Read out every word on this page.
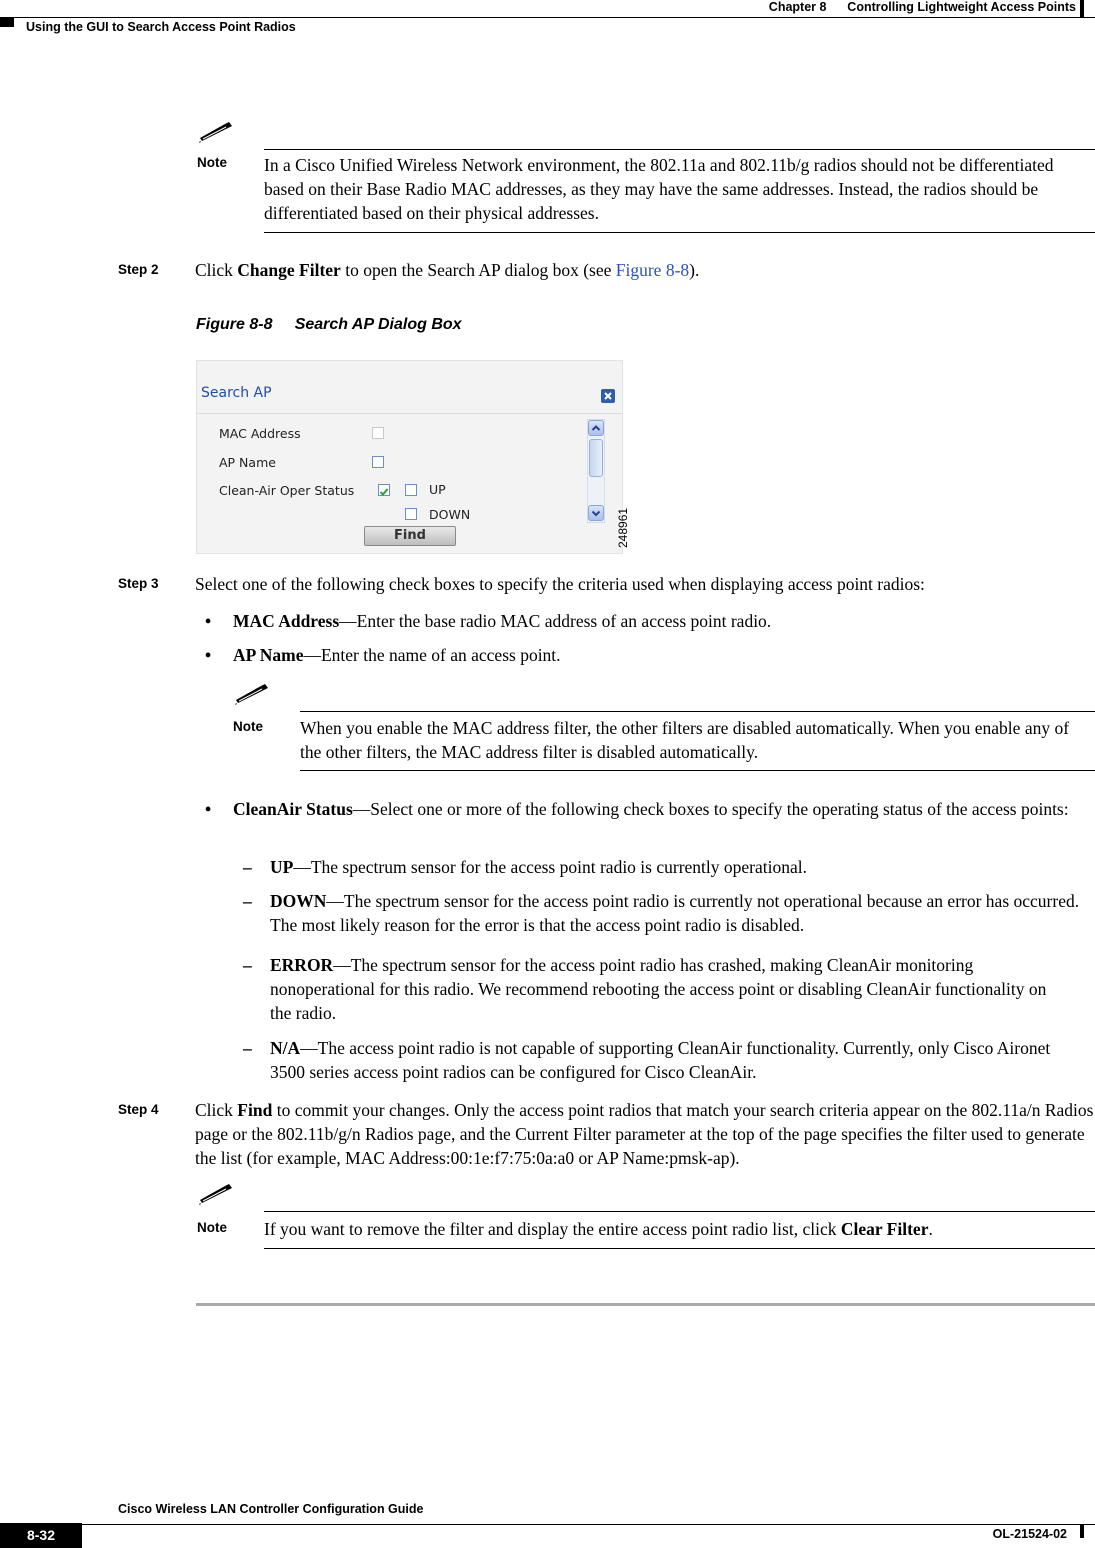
Chapter 8      Controlling Lightweight Access Points
Using the GUI to Search Access Point Radios
Note In a Cisco Unified Wireless Network environment, the 802.11a and 802.11b/g radios should not be differentiated based on their Base Radio MAC addresses, as they may have the same addresses. Instead, the radios should be differentiated based on their physical addresses.
Step 2 Click Change Filter to open the Search AP dialog box (see Figure 8-8).
Figure 8-8     Search AP Dialog Box
Search AP
MAC Address
AP Name
Clean-Air Oper Status	UP
DOWN
Find	248961
Step 3 Select one of the following check boxes to specify the criteria used when displaying access point radios:
• MAC Address—Enter the base radio MAC address of an access point radio.
• AP Name—Enter the name of an access point.
Note When you enable the MAC address filter, the other filters are disabled automatically. When you enable any of the other filters, the MAC address filter is disabled automatically.
• CleanAir Status—Select one or more of the following check boxes to specify the operating status of the access points:
– UP—The spectrum sensor for the access point radio is currently operational.
– DOWN—The spectrum sensor for the access point radio is currently not operational because an error has occurred. The most likely reason for the error is that the access point radio is disabled.
– ERROR—The spectrum sensor for the access point radio has crashed, making CleanAir monitoring nonoperational for this radio. We recommend rebooting the access point or disabling CleanAir functionality on the radio.
– N/A—The access point radio is not capable of supporting CleanAir functionality. Currently, only Cisco Aironet 3500 series access point radios can be configured for Cisco CleanAir.
Step 4 Click Find to commit your changes. Only the access point radios that match your search criteria appear on the 802.11a/n Radios page or the 802.11b/g/n Radios page, and the Current Filter parameter at the top of the page specifies the filter used to generate the list (for example, MAC Address:00:1e:f7:75:0a:a0 or AP Name:pmsk-ap).
Note If you want to remove the filter and display the entire access point radio list, click Clear Filter.
Cisco Wireless LAN Controller Configuration Guide
8-32	OL-21524-02
